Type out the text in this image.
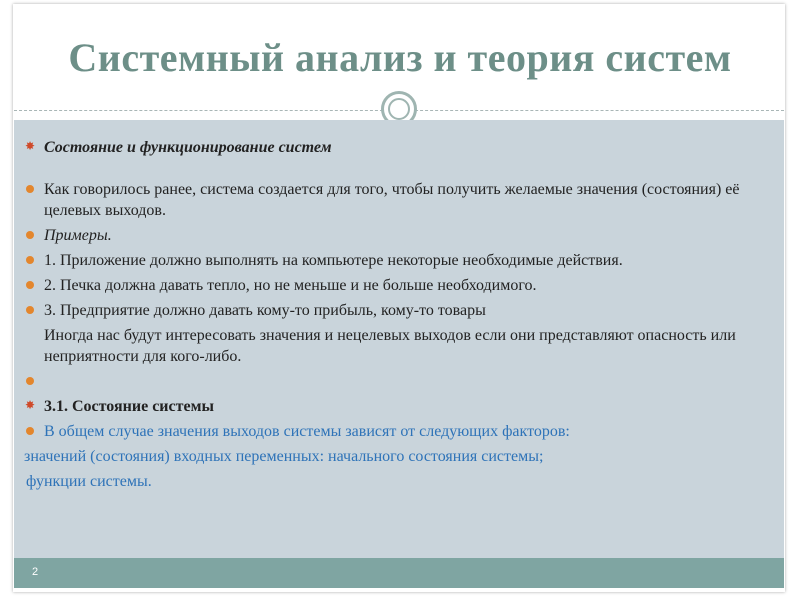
Системный анализ и теория систем
✸
Состояние и функционирование систем
Как говорилось ранее, система создается для того, чтобы получить желаемые значения (состояния) её целевых выходов.
Примеры.
1. Приложение должно выполнять на компьютере некоторые необходимые действия.
2. Печка должна давать тепло, но не меньше и не больше необходимого.
3. Предприятие должно давать кому-то прибыль, кому-то товары
Иногда нас будут интересовать значения и нецелевых выходов если они представляют опасность или неприятности для кого-либо.
✸
3.1. Состояние системы
В общем случае значения выходов системы зависят от следующих факторов:
значений (состояния) входных переменных: начального состояния системы;
функции системы.
2
